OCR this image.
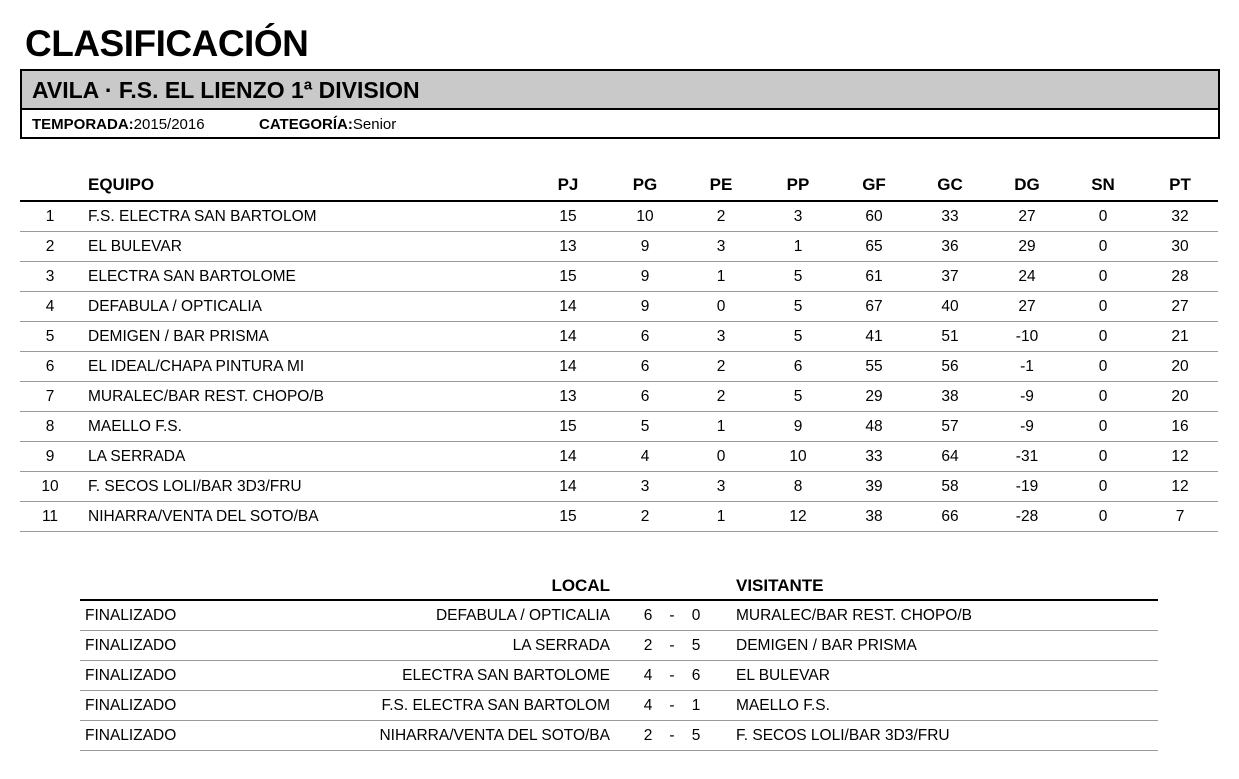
CLASIFICACIÓN
AVILA · F.S. EL LIENZO 1ª DIVISION
TEMPORADA:2015/2016	CATEGORÍA:Senior
EQUIPO	PJ	PG	PE	PP	GF	GC	DG	SN	PT
1	F.S. ELECTRA SAN BARTOLOM	15	10	2	3	60	33	27	0	32
2	EL BULEVAR	13	9	3	1	65	36	29	0	30
3	ELECTRA SAN BARTOLOME	15	9	1	5	61	37	24	0	28
4	DEFABULA / OPTICALIA	14	9	0	5	67	40	27	0	27
5	DEMIGEN / BAR PRISMA	14	6	3	5	41	51	-10	0	21
6	EL IDEAL/CHAPA PINTURA MI	14	6	2	6	55	56	-1	0	20
7	MURALEC/BAR REST. CHOPO/B	13	6	2	5	29	38	-9	0	20
8	MAELLO F.S.	15	5	1	9	48	57	-9	0	16
9	LA SERRADA	14	4	0	10	33	64	-31	0	12
10	F. SECOS LOLI/BAR 3D3/FRU	14	3	3	8	39	58	-19	0	12
11	NIHARRA/VENTA DEL SOTO/BA	15	2	1	12	38	66	-28	0	7
LOCAL	VISITANTE
FINALIZADO	DEFABULA / OPTICALIA	6	-	0	MURALEC/BAR REST. CHOPO/B
FINALIZADO	LA SERRADA	2	-	5	DEMIGEN / BAR PRISMA
FINALIZADO	ELECTRA SAN BARTOLOME	4	-	6	EL BULEVAR
FINALIZADO	F.S. ELECTRA SAN BARTOLOM	4	-	1	MAELLO F.S.
FINALIZADO	NIHARRA/VENTA DEL SOTO/BA	2	-	5	F. SECOS LOLI/BAR 3D3/FRU
